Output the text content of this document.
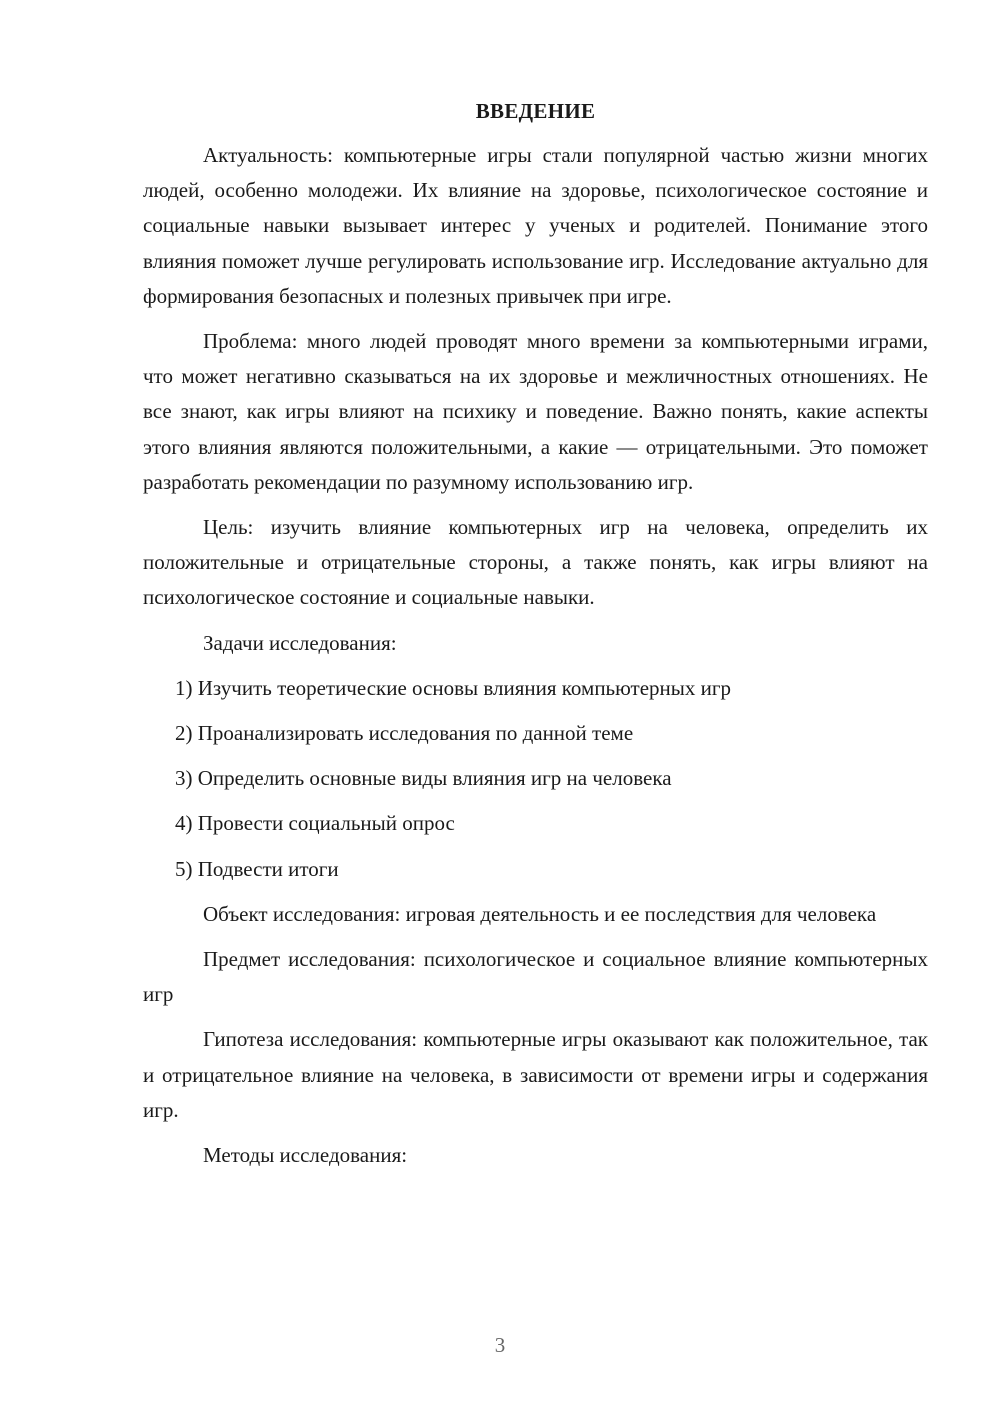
ВВЕДЕНИЕ

Актуальность: компьютерные игры стали популярной частью жизни многих людей, особенно молодежи. Их влияние на здоровье, психологическое состояние и социальные навыки вызывает интерес у ученых и родителей. Понимание этого влияния поможет лучше регулировать использование игр. Исследование актуально для формирования безопасных и полезных привычек при игре.

Проблема: много людей проводят много времени за компьютерными играми, что может негативно сказываться на их здоровье и межличностных отношениях. Не все знают, как игры влияют на психику и поведение. Важно понять, какие аспекты этого влияния являются положительными, а какие — отрицательными. Это поможет разработать рекомендации по разумному использованию игр.

Цель: изучить влияние компьютерных игр на человека, определить их положительные и отрицательные стороны, а также понять, как игры влияют на психологическое состояние и социальные навыки.

Задачи исследования:

1) Изучить теоретические основы влияния компьютерных игр

2) Проанализировать исследования по данной теме

3) Определить основные виды влияния игр на человека

4) Провести социальный опрос

5) Подвести итоги

Объект исследования: игровая деятельность и ее последствия для человека

Предмет исследования: психологическое и социальное влияние компьютерных игр

Гипотеза исследования: компьютерные игры оказывают как положительное, так и отрицательное влияние на человека, в зависимости от времени игры и содержания игр.

Методы исследования:

3
